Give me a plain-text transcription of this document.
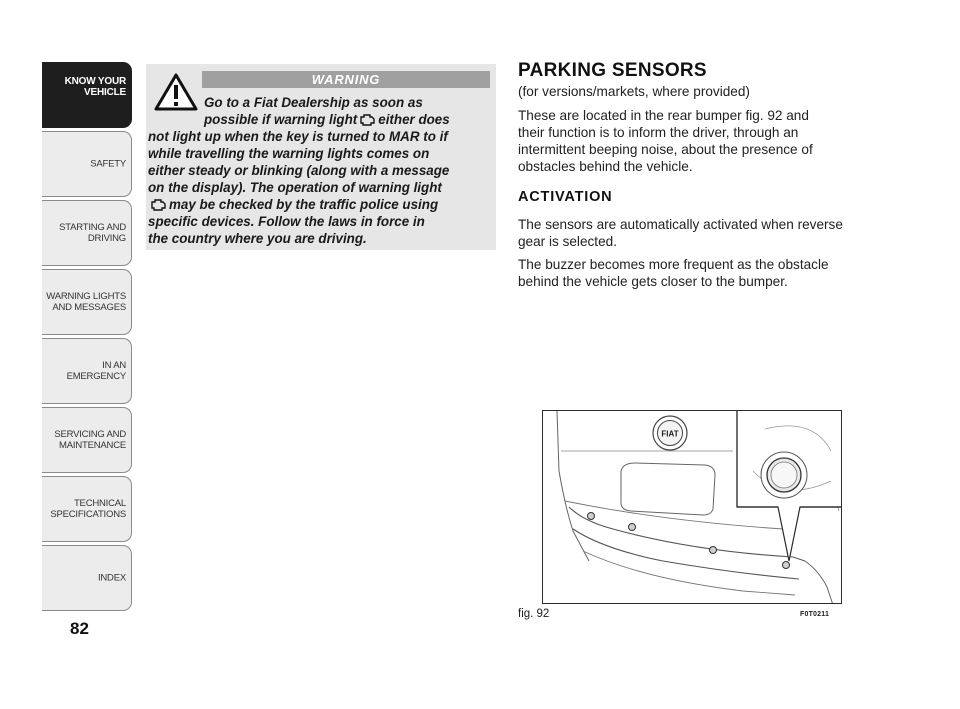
KNOW YOUR VEHICLE
SAFETY
STARTING AND DRIVING
WARNING LIGHTS AND MESSAGES
IN AN EMERGENCY
SERVICING AND MAINTENANCE
TECHNICAL SPECIFICATIONS
INDEX
82
WARNING
Go to a Fiat Dealership as soon as
possible if warning light either does
not light up when the key is turned to MAR to if
while travelling the warning lights comes on
either steady or blinking (along with a message
on the display). The operation of warning light
may be checked by the traffic police using
specific devices. Follow the laws in force in
the country where you are driving.
PARKING SENSORS
(for versions/markets, where provided)
These are located in the rear bumper fig. 92 and
their function is to inform the driver, through an
intermittent beeping noise, about the presence of
obstacles behind the vehicle.
ACTIVATION
The sensors are automatically activated when reverse
gear is selected.
The buzzer becomes more frequent as the obstacle
behind the vehicle gets closer to the bumper.
FIAT
fig. 92	F0T0211
